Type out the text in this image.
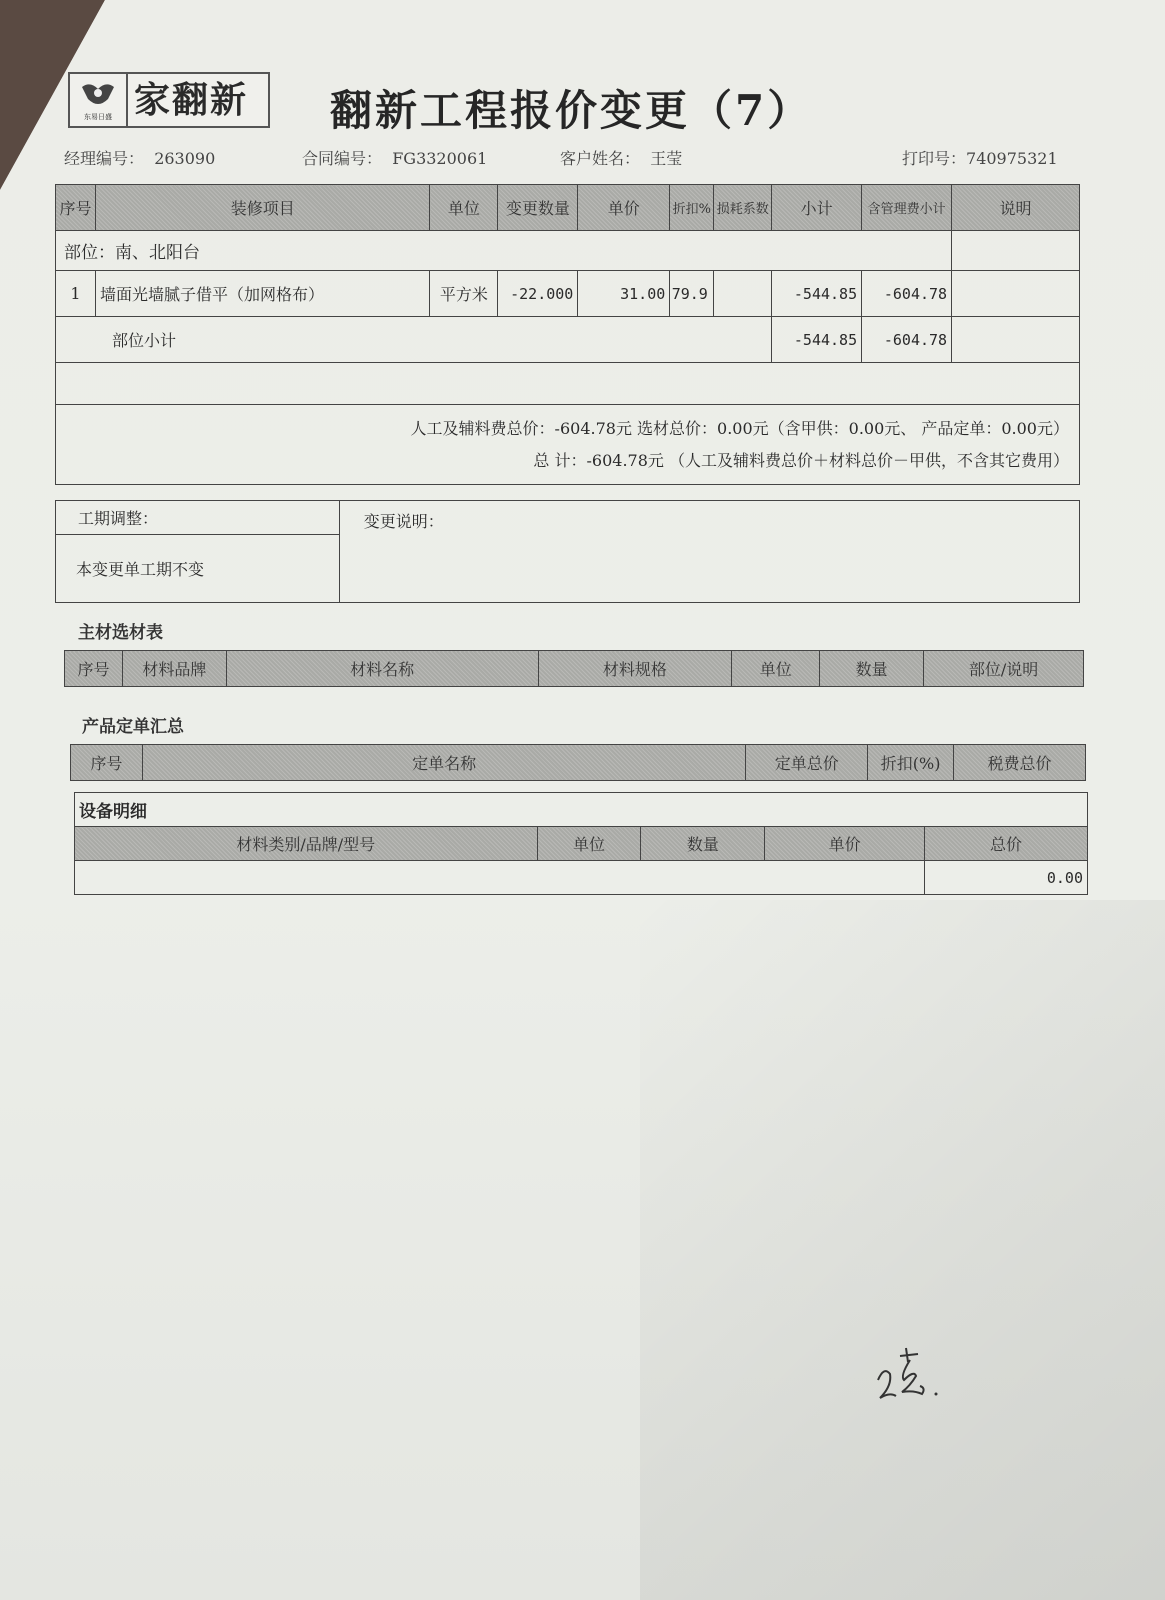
东易日盛 家翻新 翻新工程报价变更（7）
经理编号： 263090	合同编号： FG3320061	客户姓名： 王莹	打印号：740975321
序号	装修项目	单位	变更数量	单价	折扣%	损耗系数	小计	含管理费小计	说明
部位：南、北阳台									
1	墙面光墙腻子借平（加网格布）	平方米	-22.000	31.00	79.9		-544.85	-604.78	
部位小计							-544.85	-604.78	

人工及辅料费总价：-604.78元 选材总价：0.00元（含甲供：0.00元、 产品定单：0.00元）
总 计：-604.78元 （人工及辅料费总价＋材料总价－甲供，不含其它费用）									
工期调整：	变更说明：
本变更单工期不变
主材选材表
序号	材料品牌	材料名称	材料规格	单位	数量	部位/说明
产品定单汇总
序号	定单名称	定单总价	折扣(%)	税费总价
设备明细				
材料类别/品牌/型号	单位	数量	单价	总价
				0.00
